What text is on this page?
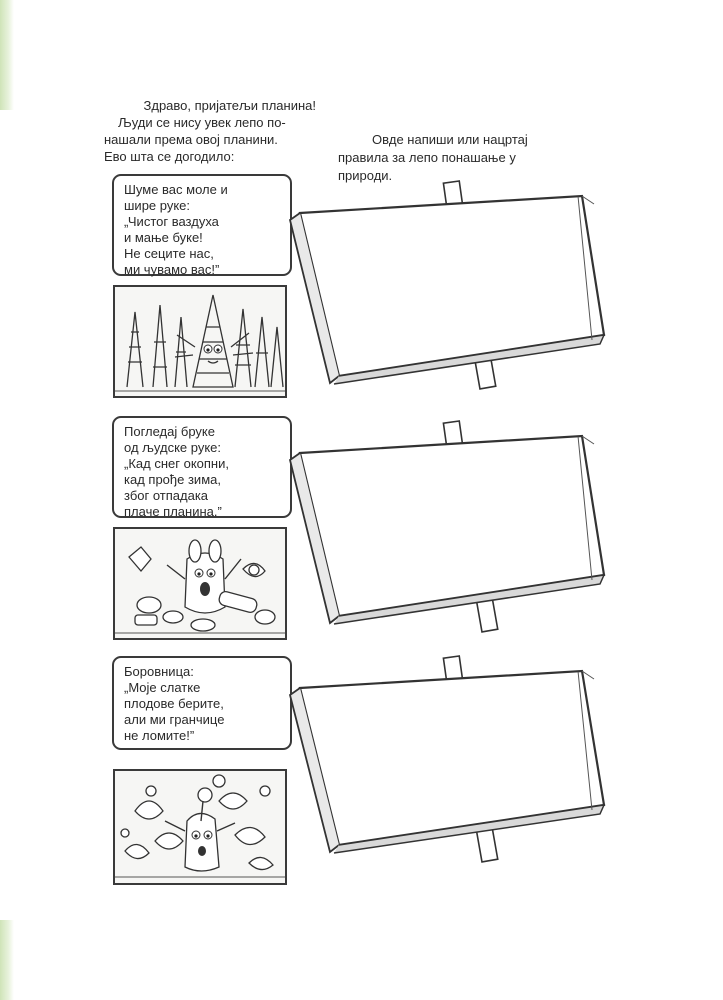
Здраво, пријатељи планина!

Људи се нису увек лепо по-

нашали према овој планини.

Ево шта се догодило:

Овде напиши или нацртај
правила за лепо понашање у
природи.
Шуме вас моле и
шире руке:
„Чистог ваздуха
и мање буке!
Не сеците нас,
ми чувамо вас!”
Погледај бруке
од људске руке:
„Кад снег окопни,
кад прође зима,
због отпадака
плаче планина.”
Боровница:
„Моје слатке
плодове берите,
али ми гранчице
не ломите!”
